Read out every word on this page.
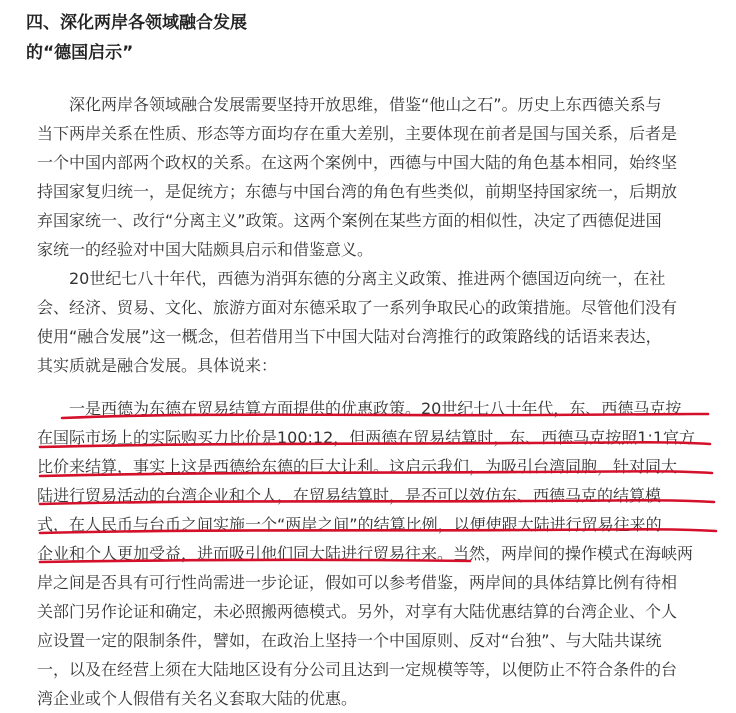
四、深化两岸各领域融合发展
的“德国启示”
　　深化两岸各领域融合发展需要坚持开放思维，借鉴“他山之石”。历史上东西德关系与
当下两岸关系在性质、形态等方面均存在重大差别，主要体现在前者是国与国关系，后者是
一个中国内部两个政权的关系。在这两个案例中，西德与中国大陆的角色基本相同，始终坚
持国家复归统一，是促统方；东德与中国台湾的角色有些类似，前期坚持国家统一，后期放
弃国家统一、改行“分离主义”政策。这两个案例在某些方面的相似性，决定了西德促进国
家统一的经验对中国大陆颇具启示和借鉴意义。
　　20世纪七八十年代，西德为消弭东德的分离主义政策、推进两个德国迈向统一，在社
会、经济、贸易、文化、旅游方面对东德采取了一系列争取民心的政策措施。尽管他们没有
使用“融合发展”这一概念，但若借用当下中国大陆对台湾推行的政策路线的话语来表达，
其实质就是融合发展。具体说来：
　　一是西德为东德在贸易结算方面提供的优惠政策。20世纪七八十年代，东、西德马克按
在国际市场上的实际购买力比价是100:12，但两德在贸易结算时，东、西德马克按照1:1官方
比价来结算，事实上这是西德给东德的巨大让利。这启示我们，为吸引台湾同胞，针对同大
陆进行贸易活动的台湾企业和个人，在贸易结算时，是否可以效仿东、西德马克的结算模
式，在人民币与台币之间实施一个“两岸之间”的结算比例，以便使跟大陆进行贸易往来的
企业和个人更加受益，进而吸引他们同大陆进行贸易往来。当然，两岸间的操作模式在海峡两
岸之间是否具有可行性尚需进一步论证，假如可以参考借鉴，两岸间的具体结算比例有待相
关部门另作论证和确定，未必照搬两德模式。另外，对享有大陆优惠结算的台湾企业、个人
应设置一定的限制条件，譬如，在政治上坚持一个中国原则、反对“台独”、与大陆共谋统
一，以及在经营上须在大陆地区设有分公司且达到一定规模等等，以便防止不符合条件的台
湾企业或个人假借有关名义套取大陆的优惠。
